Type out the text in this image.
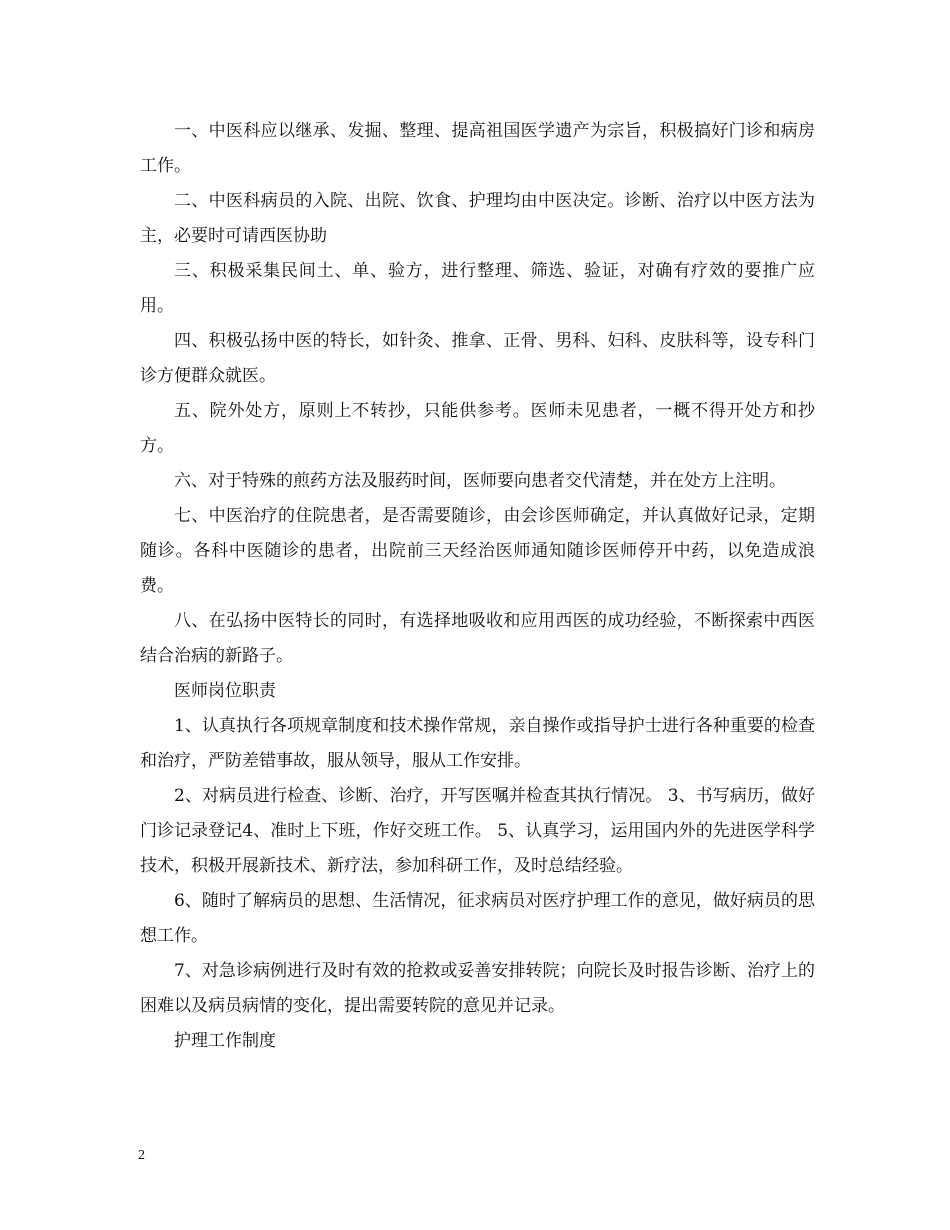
一、中医科应以继承、发掘、整理、提高祖国医学遗产为宗旨，积极搞好门诊和病房工作。

二、中医科病员的入院、出院、饮食、护理均由中医决定。诊断、治疗以中医方法为主，必要时可请西医协助

三、积极采集民间土、单、验方，进行整理、筛选、验证，对确有疗效的要推广应用。

四、积极弘扬中医的特长，如针灸、推拿、正骨、男科、妇科、皮肤科等，设专科门诊方便群众就医。

五、院外处方，原则上不转抄，只能供参考。医师未见患者，一概不得开处方和抄方。

六、对于特殊的煎药方法及服药时间，医师要向患者交代清楚，并在处方上注明。

七、中医治疗的住院患者，是否需要随诊，由会诊医师确定，并认真做好记录，定期随诊。各科中医随诊的患者，出院前三天经治医师通知随诊医师停开中药，以免造成浪费。

八、在弘扬中医特长的同时，有选择地吸收和应用西医的成功经验，不断探索中西医结合治病的新路子。

医师岗位职责

1、认真执行各项规章制度和技术操作常规，亲自操作或指导护士进行各种重要的检查和治疗，严防差错事故，服从领导，服从工作安排。

2、对病员进行检查、诊断、治疗，开写医嘱并检查其执行情况。 3、书写病历，做好门诊记录登记4、准时上下班，作好交班工作。 5、认真学习，运用国内外的先进医学科学技术，积极开展新技术、新疗法，参加科研工作，及时总结经验。

6、随时了解病员的思想、生活情况，征求病员对医疗护理工作的意见，做好病员的思想工作。

7、对急诊病例进行及时有效的抢救或妥善安排转院；向院长及时报告诊断、治疗上的困难以及病员病情的变化，提出需要转院的意见并记录。

护理工作制度

2
